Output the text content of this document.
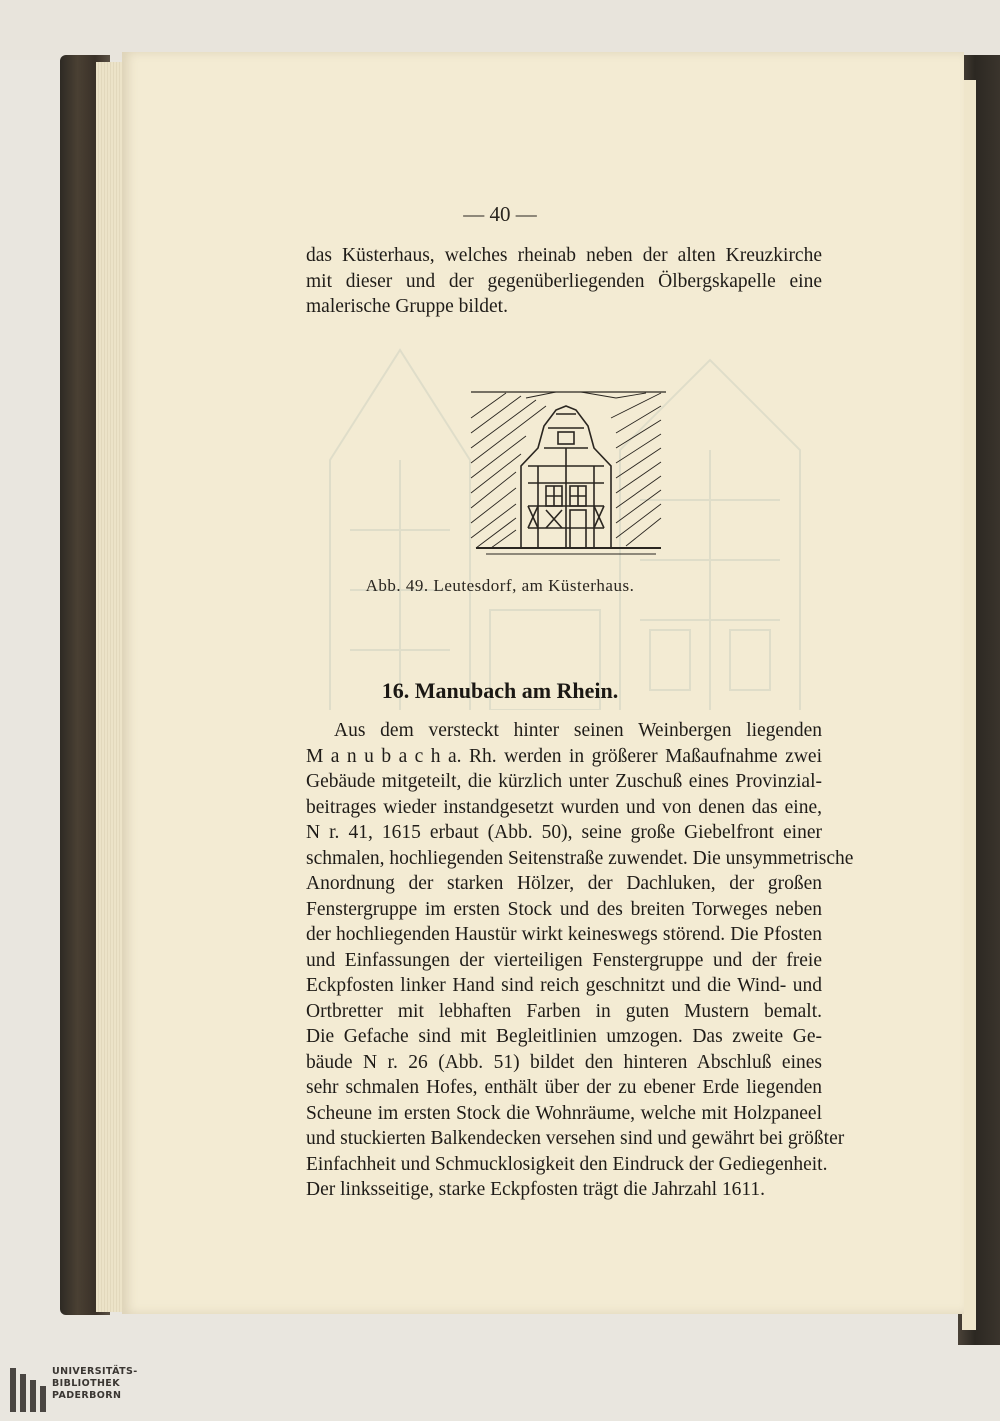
— 40 —
das Küsterhaus, welches rheinab neben der alten Kreuzkirche
mit dieser und der gegenüberliegenden Ölbergskapelle eine
malerische Gruppe bildet.
Abb. 49. Leutesdorf, am Küsterhaus.
16. Manubach am Rhein.
Aus dem versteckt hinter seinen Weinbergen liegenden
M a n u b a c h a. Rh. werden in größerer Maßaufnahme zwei
Gebäude mitgeteilt, die kürzlich unter Zuschuß eines Provinzial-
beitrages wieder instandgesetzt wurden und von denen das eine,
N r. 41, 1615 erbaut (Abb. 50), seine große Giebelfront einer
schmalen, hochliegenden Seitenstraße zuwendet. Die unsymmetrische
Anordnung der starken Hölzer, der Dachluken, der großen
Fenstergruppe im ersten Stock und des breiten Torweges neben
der hochliegenden Haustür wirkt keineswegs störend. Die Pfosten
und Einfassungen der vierteiligen Fenstergruppe und der freie
Eckpfosten linker Hand sind reich geschnitzt und die Wind- und
Ortbretter mit lebhaften Farben in guten Mustern bemalt.
Die Gefache sind mit Begleitlinien umzogen. Das zweite Ge-
bäude N r. 26 (Abb. 51) bildet den hinteren Abschluß eines
sehr schmalen Hofes, enthält über der zu ebener Erde liegenden
Scheune im ersten Stock die Wohnräume, welche mit Holzpaneel
und stuckierten Balkendecken versehen sind und gewährt bei größter
Einfachheit und Schmucklosigkeit den Eindruck der Gediegenheit.
Der linksseitige, starke Eckpfosten trägt die Jahrzahl 1611.
UNIVERSITÄTS-
BIBLIOTHEK
PADERBORN
